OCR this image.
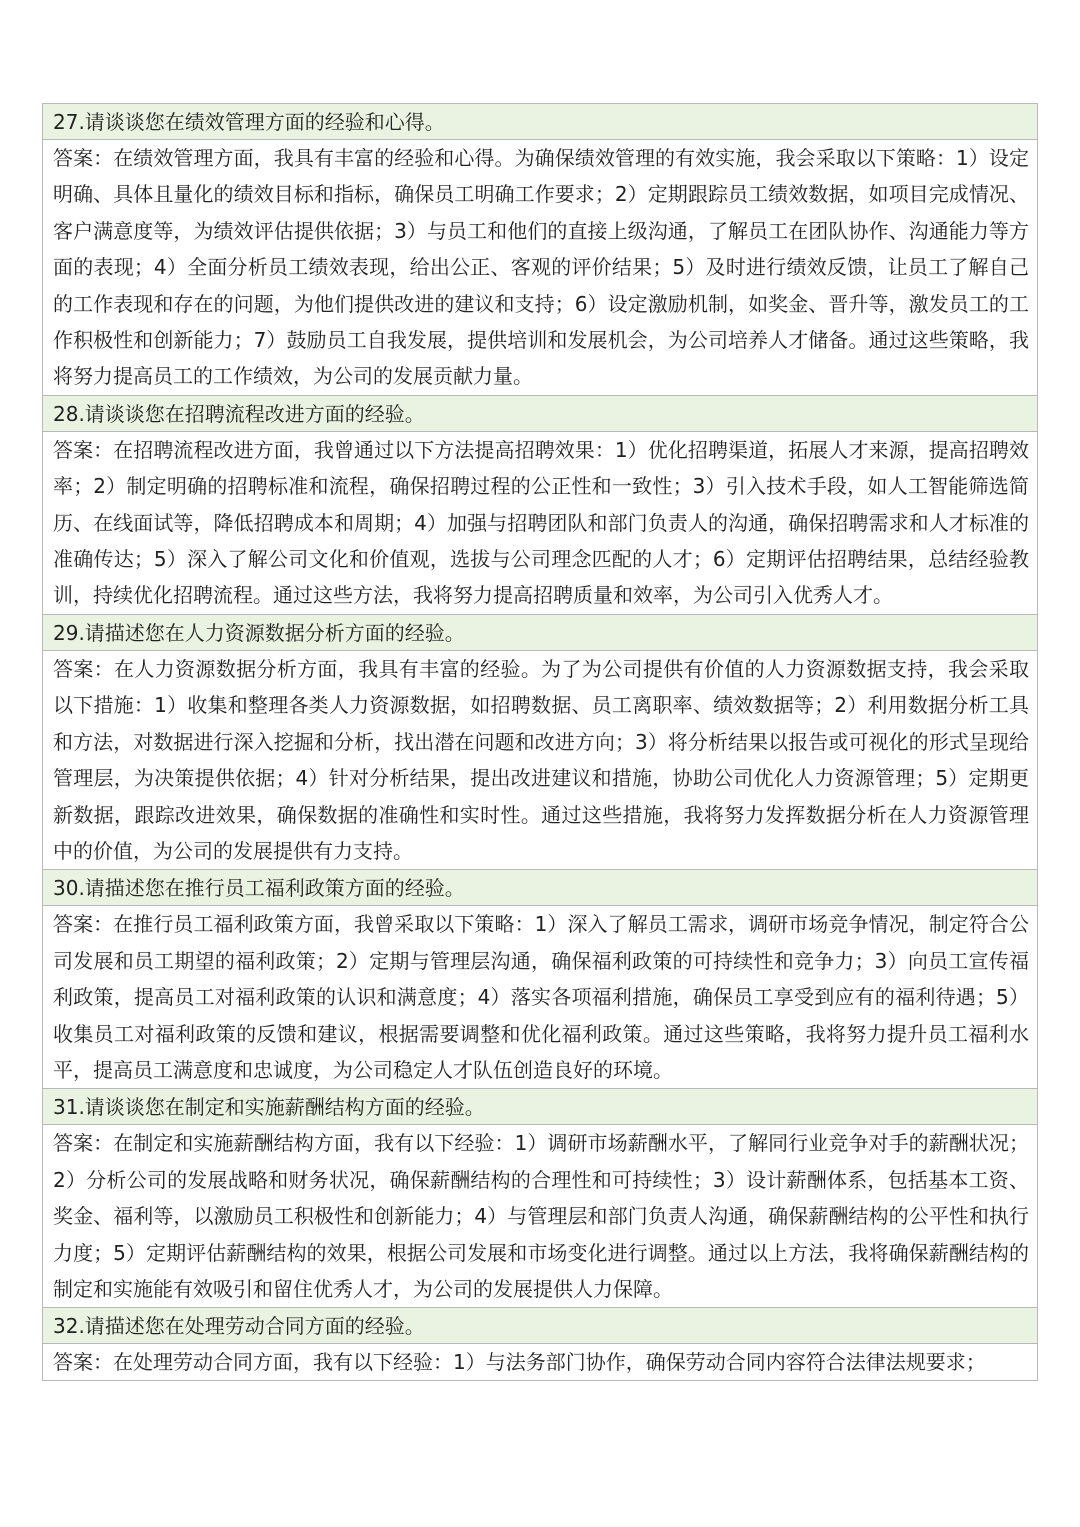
27.请谈谈您在绩效管理方面的经验和心得。
答案：在绩效管理方面，我具有丰富的经验和心得。为确保绩效管理的有效实施，我会采取以下策略：1）设定明确、具体且量化的绩效目标和指标，确保员工明确工作要求；2）定期跟踪员工绩效数据，如项目完成情况、客户满意度等，为绩效评估提供依据；3）与员工和他们的直接上级沟通，了解员工在团队协作、沟通能力等方面的表现；4）全面分析员工绩效表现，给出公正、客观的评价结果；5）及时进行绩效反馈，让员工了解自己的工作表现和存在的问题，为他们提供改进的建议和支持；6）设定激励机制，如奖金、晋升等，激发员工的工作积极性和创新能力；7）鼓励员工自我发展，提供培训和发展机会，为公司培养人才储备。通过这些策略，我将努力提高员工的工作绩效，为公司的发展贡献力量。
28.请谈谈您在招聘流程改进方面的经验。
答案：在招聘流程改进方面，我曾通过以下方法提高招聘效果：1）优化招聘渠道，拓展人才来源，提高招聘效率；2）制定明确的招聘标准和流程，确保招聘过程的公正性和一致性；3）引入技术手段，如人工智能筛选简历、在线面试等，降低招聘成本和周期；4）加强与招聘团队和部门负责人的沟通，确保招聘需求和人才标准的准确传达；5）深入了解公司文化和价值观，选拔与公司理念匹配的人才；6）定期评估招聘结果，总结经验教训，持续优化招聘流程。通过这些方法，我将努力提高招聘质量和效率，为公司引入优秀人才。
29.请描述您在人力资源数据分析方面的经验。
答案：在人力资源数据分析方面，我具有丰富的经验。为了为公司提供有价值的人力资源数据支持，我会采取以下措施：1）收集和整理各类人力资源数据，如招聘数据、员工离职率、绩效数据等；2）利用数据分析工具和方法，对数据进行深入挖掘和分析，找出潜在问题和改进方向；3）将分析结果以报告或可视化的形式呈现给管理层，为决策提供依据；4）针对分析结果，提出改进建议和措施，协助公司优化人力资源管理；5）定期更新数据，跟踪改进效果，确保数据的准确性和实时性。通过这些措施，我将努力发挥数据分析在人力资源管理中的价值，为公司的发展提供有力支持。
30.请描述您在推行员工福利政策方面的经验。
答案：在推行员工福利政策方面，我曾采取以下策略：1）深入了解员工需求，调研市场竞争情况，制定符合公司发展和员工期望的福利政策；2）定期与管理层沟通，确保福利政策的可持续性和竞争力；3）向员工宣传福利政策，提高员工对福利政策的认识和满意度；4）落实各项福利措施，确保员工享受到应有的福利待遇；5）收集员工对福利政策的反馈和建议，根据需要调整和优化福利政策。通过这些策略，我将努力提升员工福利水平，提高员工满意度和忠诚度，为公司稳定人才队伍创造良好的环境。
31.请谈谈您在制定和实施薪酬结构方面的经验。
答案：在制定和实施薪酬结构方面，我有以下经验：1）调研市场薪酬水平，了解同行业竞争对手的薪酬状况；2）分析公司的发展战略和财务状况，确保薪酬结构的合理性和可持续性；3）设计薪酬体系，包括基本工资、奖金、福利等，以激励员工积极性和创新能力；4）与管理层和部门负责人沟通，确保薪酬结构的公平性和执行力度；5）定期评估薪酬结构的效果，根据公司发展和市场变化进行调整。通过以上方法，我将确保薪酬结构的制定和实施能有效吸引和留住优秀人才，为公司的发展提供人力保障。
32.请描述您在处理劳动合同方面的经验。
答案：在处理劳动合同方面，我有以下经验：1）与法务部门协作，确保劳动合同内容符合法律法规要求；
